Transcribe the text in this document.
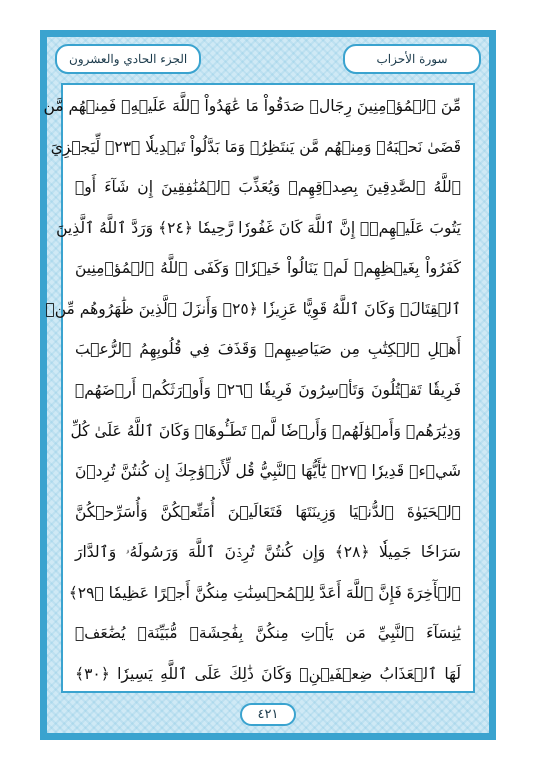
الجزء الحادي والعشرون	سورة الأحزاب
مِّنَ ٱلۡمُؤۡمِنِينَ رِجَالٞ صَدَقُواْ مَا عَٰهَدُواْ ٱللَّهَ عَلَيۡهِۖ فَمِنۡهُم مَّن
قَضَىٰ نَحۡبَهُۥ وَمِنۡهُم مَّن يَنتَظِرُۖ وَمَا بَدَّلُواْ تَبۡدِيلٗا ﴿٢٣﴾ لِّيَجۡزِيَ
ٱللَّهُ ٱلصَّٰدِقِينَ بِصِدۡقِهِمۡ وَيُعَذِّبَ ٱلۡمُنَٰفِقِينَ إِن شَآءَ أَوۡ
يَتُوبَ عَلَيۡهِمۡۚ إِنَّ ٱللَّهَ كَانَ غَفُورٗا رَّحِيمٗا ﴿٢٤﴾ وَرَدَّ ٱللَّهُ ٱلَّذِينَ
كَفَرُواْ بِغَيۡظِهِمۡ لَمۡ يَنَالُواْ خَيۡرٗاۚ وَكَفَى ٱللَّهُ ٱلۡمُؤۡمِنِينَ
ٱلۡقِتَالَۚ وَكَانَ ٱللَّهُ قَوِيًّا عَزِيزٗا ﴿٢٥﴾ وَأَنزَلَ ٱلَّذِينَ ظَٰهَرُوهُم مِّنۡ
أَهۡلِ ٱلۡكِتَٰبِ مِن صَيَاصِيهِمۡ وَقَذَفَ فِي قُلُوبِهِمُ ٱلرُّعۡبَ
فَرِيقٗا تَقۡتُلُونَ وَتَأۡسِرُونَ فَرِيقٗا ﴿٢٦﴾ وَأَوۡرَثَكُمۡ أَرۡضَهُمۡ
وَدِيَٰرَهُمۡ وَأَمۡوَٰلَهُمۡ وَأَرۡضٗا لَّمۡ تَطَـُٔوهَاۚ وَكَانَ ٱللَّهُ عَلَىٰ كُلِّ
شَيۡءٖ قَدِيرٗا ﴿٢٧﴾ يَٰٓأَيُّهَا ٱلنَّبِيُّ قُل لِّأَزۡوَٰجِكَ إِن كُنتُنَّ تُرِدۡنَ
ٱلۡحَيَوٰةَ ٱلدُّنۡيَا وَزِينَتَهَا فَتَعَالَيۡنَ أُمَتِّعۡكُنَّ وَأُسَرِّحۡكُنَّ
سَرَاحٗا جَمِيلٗا ﴿٢٨﴾ وَإِن كُنتُنَّ تُرِدۡنَ ٱللَّهَ وَرَسُولَهُۥ وَٱلدَّارَ
ٱلۡأٓخِرَةَ فَإِنَّ ٱللَّهَ أَعَدَّ لِلۡمُحۡسِنَٰتِ مِنكُنَّ أَجۡرًا عَظِيمٗا ﴿٢٩﴾
يَٰنِسَآءَ ٱلنَّبِيِّ مَن يَأۡتِ مِنكُنَّ بِفَٰحِشَةٖ مُّبَيِّنَةٖ يُضَٰعَفۡ
لَهَا ٱلۡعَذَابُ ضِعۡفَيۡنِۚ وَكَانَ ذَٰلِكَ عَلَى ٱللَّهِ يَسِيرٗا ﴿٣٠﴾
٤٢١
